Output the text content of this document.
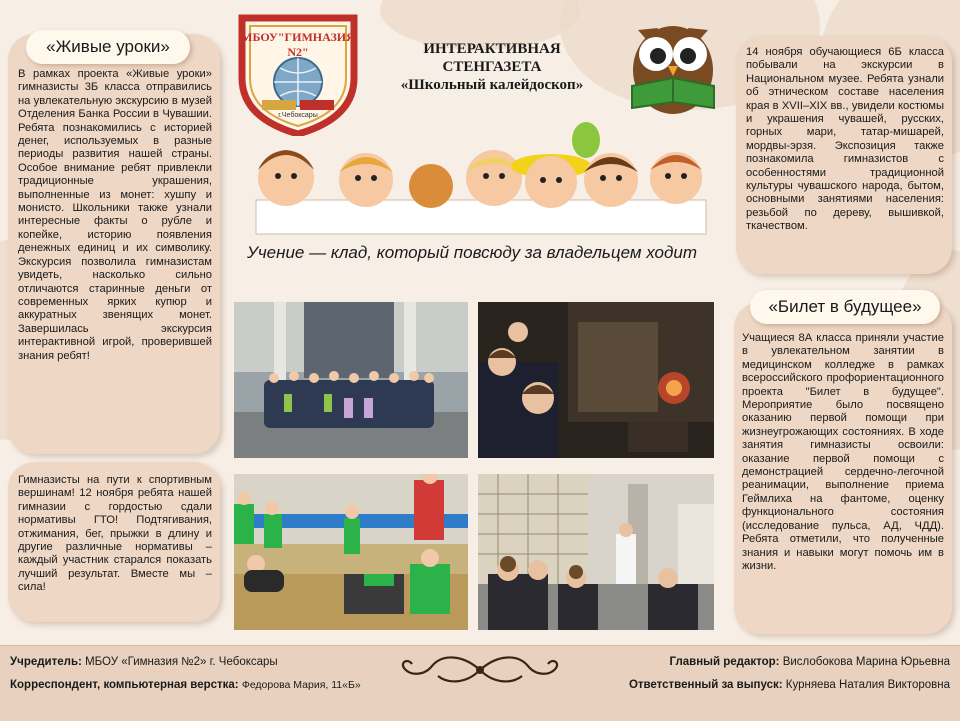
МБОУ"ГИМНАЗИЯ N2"
г.Чебоксары
ИНТЕРАКТИВНАЯ
СТЕНГАЗЕТА
«Школьный калейдоскоп»
Учение — клад, который повсюду за владельцем ходит
В рамках проекта «Живые уроки» гимназисты 3Б класса отправились на увлекательную экскурсию в музей Отделения Банка России в Чувашии. Ребята познакомились с историей денег, используемых в разные периоды развития нашей страны. Особое внимание ребят привлекли традиционные украшения, выполненные из монет: хушпу и монисто. Школьники также узнали интересные факты о рубле и копейке, историю появления денежных единиц и их символику. Экскурсия позволила гимназистам увидеть, насколько сильно отличаются старинные деньги от современных ярких купюр и аккуратных звенящих монет. Завершилась экскурсия интерактивной игрой, проверившей знания ребят!
«Живые уроки»
Гимназисты на пути к спортивным вершинам! 12 ноября ребята нашей гимназии с гордостью сдали нормативы ГТО! Подтягивания, отжимания, бег, прыжки в длину и другие различные нормативы – каждый участник старался показать лучший результат. Вместе мы – сила!
14 ноября обучающиеся 6Б класса побывали на экскурсии в Национальном музее. Ребята узнали об этническом составе населения края в XVII–XIX вв., увидели костюмы и украшения чувашей, русских, горных мари, татар-мишарей, мордвы-эрзя. Экспозиция также познакомила гимназистов с особенностями традиционной культуры чувашского народа, бытом, основными занятиями населения: резьбой по дереву, вышивкой, ткачеством.
Учащиеся 8А класса приняли участие в увлекательном занятии в медицинском колледже в рамках всероссийского профориентационного проекта "Билет в будущее". Мероприятие было посвящено оказанию первой помощи при жизнеугрожающих состояниях. В ходе занятия гимназисты освоили: оказание первой помощи с демонстрацией сердечно-легочной реанимации, выполнение приема Геймлиха на фантоме, оценку функционального состояния (исследование пульса, АД, ЧДД). Ребята отметили, что полученные знания и навыки могут помочь им в жизни.
«Билет в будущее»
Учредитель: МБОУ «Гимназия №2» г. Чебоксары
Корреспондент, компьютерная верстка: Федорова Мария, 11«Б»
Главный редактор: Вислобокова Марина Юрьевна
Ответственный за выпуск: Курняева Наталия Викторовна
